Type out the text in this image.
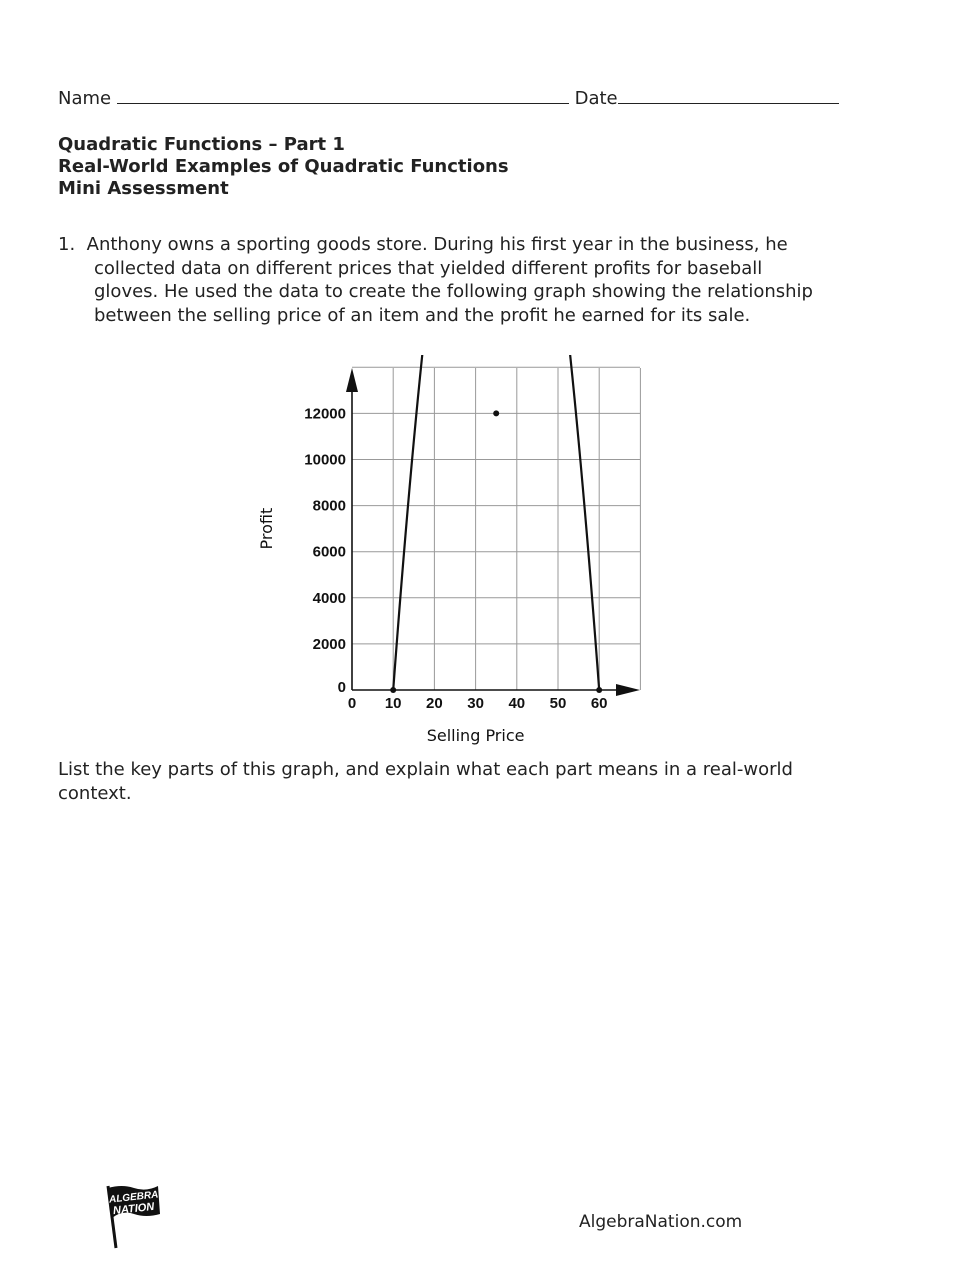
Name	Date
Quadratic Functions – Part 1
Real-World Examples of Quadratic Functions
Mini Assessment
1. Anthony owns a sporting goods store. During his first year in the business, he
collected data on different prices that yielded different profits for baseball
gloves. He used the data to create the following graph showing the relationship
between the selling price of an item and the profit he earned for its sale.
0 10 20 30 40 50 60
0
2000
4000
6000
8000
10000
12000
Selling Price
Profit
List the key parts of this graph, and explain what each part means in a real-world
context.
ALGEBRA
NATION
AlgebraNation.com
